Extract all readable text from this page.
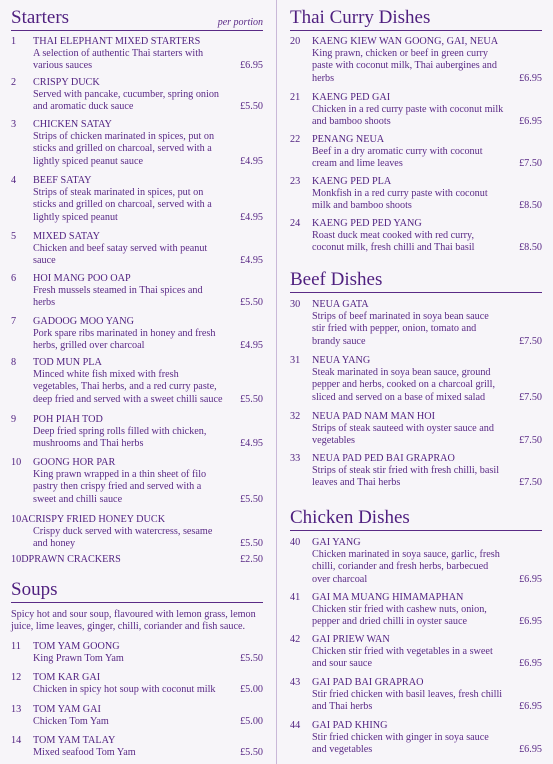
Starters	per portion
1 THAI ELEPHANT MIXED STARTERS
A selection of authentic Thai starters with various sauces	£6.95
2 CRISPY DUCK
Served with pancake, cucumber, spring onion and aromatic duck sauce	£5.50
3 CHICKEN SATAY
Strips of chicken marinated in spices, put on sticks and grilled on charcoal, served with a lightly spiced peanut sauce	£4.95
4 BEEF SATAY
Strips of steak marinated in spices, put on sticks and grilled on charcoal, served with a lightly spiced peanut	£4.95
5 MIXED SATAY
Chicken and beef satay served with peanut sauce	£4.95
6 HOI MANG POO OAP
Fresh mussels steamed in Thai spices and herbs	£5.50
7 GADOOG MOO YANG
Pork spare ribs marinated in honey and fresh herbs, grilled over charcoal	£4.95
8 TOD MUN PLA
Minced white fish mixed with fresh vegetables, Thai herbs, and a red curry paste, deep fried and served with a sweet chilli sauce £5.50
9 POH PIAH TOD
Deep fried spring rolls filled with chicken, mushrooms and Thai herbs	£4.95
10 GOONG HOR PAR
King prawn wrapped in a thin sheet of filo pastry then crispy fried and served with a sweet and chilli sauce	£5.50
10ACRISPY FRIED HONEY DUCK
Crispy duck served with watercress, sesame and honey	£5.50
10DPRAWN CRACKERS	£2.50
Soups
Spicy hot and sour soup, flavoured with lemon grass, lemon juice, lime leaves, ginger, chilli, coriander and fish sauce.
11 TOM YAM GOONG
King Prawn Tom Yam	£5.50
12 TOM KAR GAI
Chicken in spicy hot soup with coconut milk	£5.00
13 TOM YAM GAI
Chicken Tom Yam	£5.00
14 TOM YAM TALAY
Mixed seafood Tom Yam	£5.50
Thai Curry Dishes
20 KAENG KIEW WAN GOONG, GAI, NEUA
King prawn, chicken or beef in green curry paste with coconut milk, Thai aubergines and herbs	£6.95
21 KAENG PED GAI
Chicken in a red curry paste with coconut milk and bamboo shoots	£6.95
22 PENANG NEUA
Beef in a dry aromatic curry with coconut cream and lime leaves	£7.50
23 KAENG PED PLA
Monkfish in a red curry paste with coconut milk and bamboo shoots	£8.50
24 KAENG PED PED YANG
Roast duck meat cooked with red curry, coconut milk, fresh chilli and Thai basil	£8.50
Beef Dishes
30 NEUA GATA
Strips of beef marinated in soya bean sauce stir fried with pepper, onion, tomato and brandy sauce	£7.50
31 NEUA YANG
Steak marinated in soya bean sauce, ground pepper and herbs, cooked on a charcoal grill, sliced and served on a base of mixed salad	£7.50
32 NEUA PAD NAM MAN HOI
Strips of steak sauteed with oyster sauce and vegetables	£7.50
33 NEUA PAD PED BAI GRAPRAO
Strips of steak stir fried with fresh chilli, basil leaves and Thai herbs	£7.50
Chicken Dishes
40 GAI YANG
Chicken marinated in soya sauce, garlic, fresh chilli, coriander and fresh herbs, barbecued over charcoal	£6.95
41 GAI MA MUANG HIMAMAPHAN
Chicken stir fried with cashew nuts, onion, pepper and dried chilli in oyster sauce	£6.95
42 GAI PRIEW WAN
Chicken stir fried with vegetables in a sweet and sour sauce	£6.95
43 GAI PAD BAI GRAPRAO
Stir fried chicken with basil leaves, fresh chilli and Thai herbs	£6.95
44 GAI PAD KHING
Stir fried chicken with ginger in soya sauce and vegetables	£6.95
